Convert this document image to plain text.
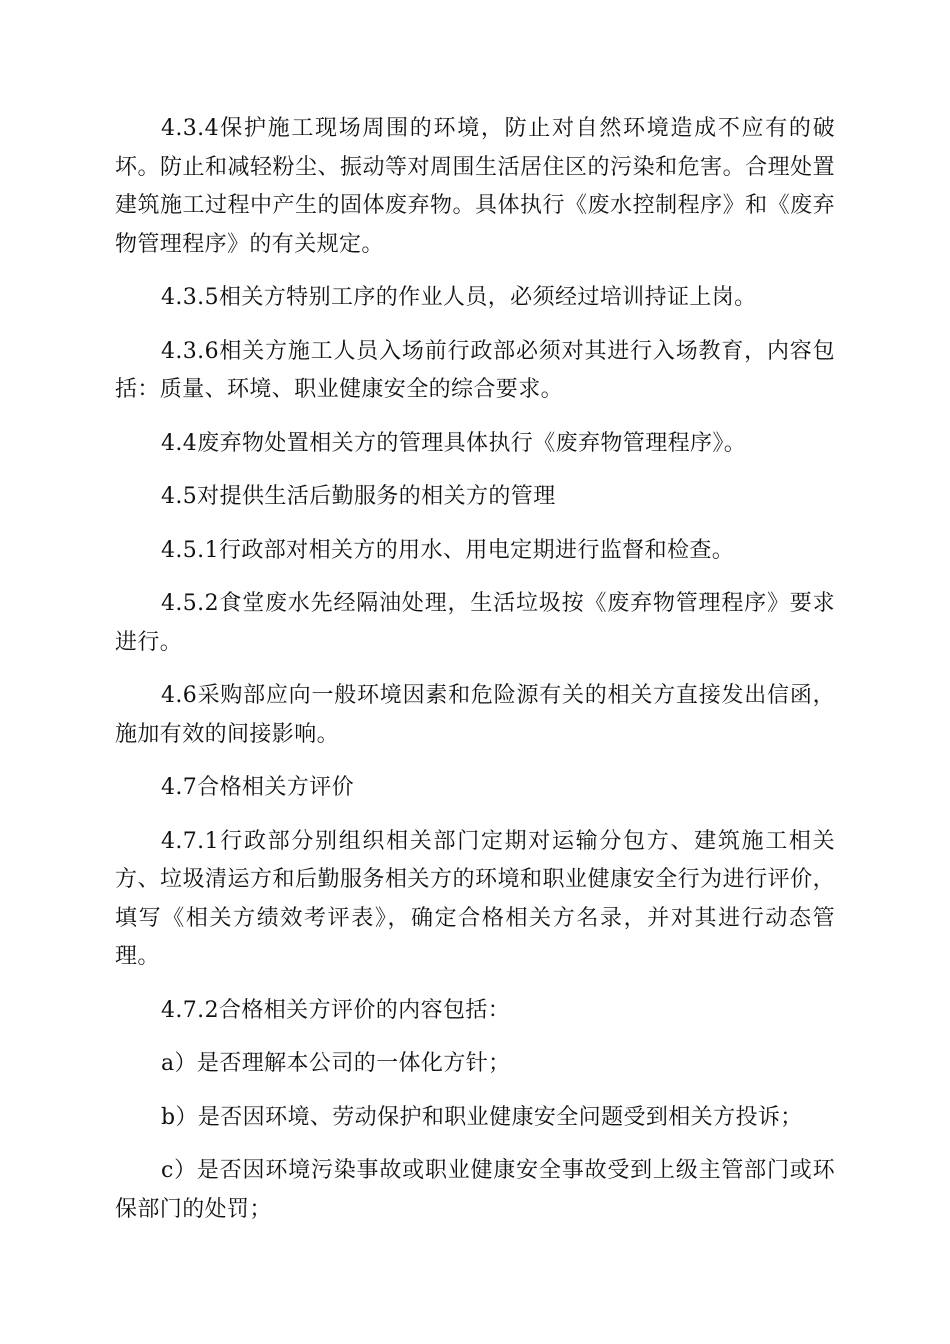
4.3.4保护施工现场周围的环境，防止对自然环境造成不应有的破坏。防止和减轻粉尘、振动等对周围生活居住区的污染和危害。合理处置建筑施工过程中产生的固体废弃物。具体执行《废水控制程序》和《废弃物管理程序》的有关规定。

4.3.5相关方特别工序的作业人员，必须经过培训持证上岗。

4.3.6相关方施工人员入场前行政部必须对其进行入场教育，内容包括：质量、环境、职业健康安全的综合要求。

4.4废弃物处置相关方的管理具体执行《废弃物管理程序》。

4.5对提供生活后勤服务的相关方的管理

4.5.1行政部对相关方的用水、用电定期进行监督和检查。

4.5.2食堂废水先经隔油处理，生活垃圾按《废弃物管理程序》要求进行。

4.6采购部应向一般环境因素和危险源有关的相关方直接发出信函，施加有效的间接影响。

4.7合格相关方评价

4.7.1行政部分别组织相关部门定期对运输分包方、建筑施工相关方、垃圾清运方和后勤服务相关方的环境和职业健康安全行为进行评价，填写《相关方绩效考评表》，确定合格相关方名录，并对其进行动态管理。

4.7.2合格相关方评价的内容包括：

a）是否理解本公司的一体化方针；

b）是否因环境、劳动保护和职业健康安全问题受到相关方投诉；

c）是否因环境污染事故或职业健康安全事故受到上级主管部门或环保部门的处罚；
